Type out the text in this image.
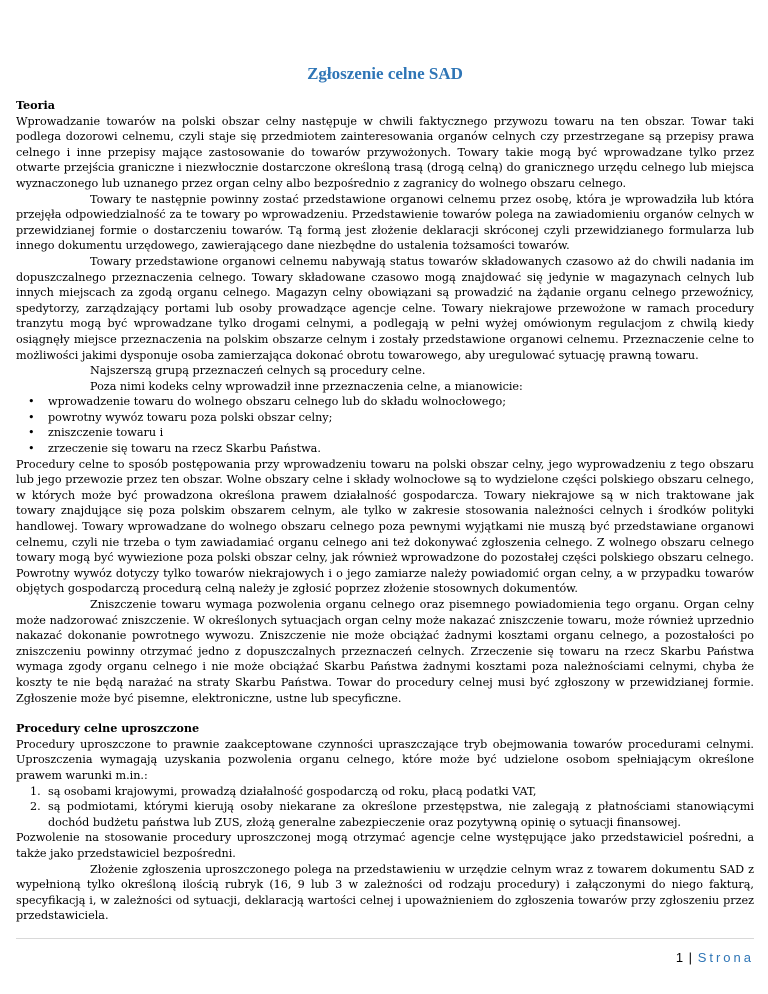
Zgłoszenie celne SAD

Teoria

Wprowadzanie towarów na polski obszar celny następuje w chwili faktycznego przywozu towaru na ten obszar. Towar taki podlega dozorowi celnemu, czyli staje się przedmiotem zainteresowania organów celnych czy przestrzegane są przepisy prawa celnego i inne przepisy mające zastosowanie do towarów przywożonych. Towary takie mogą być wprowadzane tylko przez otwarte przejścia graniczne i niezwłocznie dostarczone określoną trasą (drogą celną) do granicznego urzędu celnego lub miejsca wyznaczonego lub uznanego przez organ celny albo bezpośrednio z zagranicy do wolnego obszaru celnego.

Towary te następnie powinny zostać przedstawione organowi celnemu przez osobę, która je wprowadziła lub która przejęła odpowiedzialność za te towary po wprowadzeniu. Przedstawienie towarów polega na zawiadomieniu organów celnych w przewidzianej formie o dostarczeniu towarów. Tą formą jest złożenie deklaracji skróconej czyli przewidzianego formularza lub innego dokumentu urzędowego, zawierającego dane niezbędne do ustalenia tożsamości towarów.

Towary przedstawione organowi celnemu nabywają status towarów składowanych czasowo aż do chwili nadania im dopuszczalnego przeznaczenia celnego. Towary składowane czasowo mogą znajdować się jedynie w magazynach celnych lub innych miejscach za zgodą organu celnego. Magazyn celny obowiązani są prowadzić na żądanie organu celnego przewoźnicy, spedytorzy, zarządzający portami lub osoby prowadzące agencje celne. Towary niekrajowe przewożone w ramach procedury tranzytu mogą być wprowadzane tylko drogami celnymi, a podlegają w pełni wyżej omówionym regulacjom z chwilą kiedy osiągnęły miejsce przeznaczenia na polskim obszarze celnym i zostały przedstawione organowi celnemu. Przeznaczenie celne to możliwości jakimi dysponuje osoba zamierzająca dokonać obrotu towarowego, aby uregulować sytuację prawną towaru.

Najszerszą grupą przeznaczeń celnych są procedury celne.

Poza nimi kodeks celny wprowadził inne przeznaczenia celne, a mianowicie:

• wprowadzenie towaru do wolnego obszaru celnego lub do składu wolnocłowego;
• powrotny wywóz towaru poza polski obszar celny;
• zniszczenie towaru i
• zrzeczenie się towaru na rzecz Skarbu Państwa.

Procedury celne to sposób postępowania przy wprowadzeniu towaru na polski obszar celny, jego wyprowadzeniu z tego obszaru lub jego przewozie przez ten obszar. Wolne obszary celne i składy wolnocłowe są to wydzielone części polskiego obszaru celnego, w których może być prowadzona określona prawem działalność gospodarcza. Towary niekrajowe są w nich traktowane jak towary znajdujące się poza polskim obszarem celnym, ale tylko w zakresie stosowania należności celnych i środków polityki handlowej. Towary wprowadzane do wolnego obszaru celnego poza pewnymi wyjątkami nie muszą być przedstawiane organowi celnemu, czyli nie trzeba o tym zawiadamiać organu celnego ani też dokonywać zgłoszenia celnego. Z wolnego obszaru celnego towary mogą być wywiezione poza polski obszar celny, jak również wprowadzone do pozostałej części polskiego obszaru celnego. Powrotny wywóz dotyczy tylko towarów niekrajowych i o jego zamiarze należy powiadomić organ celny, a w przypadku towarów objętych gospodarczą procedurą celną należy je zgłosić poprzez złożenie stosownych dokumentów.

Zniszczenie towaru wymaga pozwolenia organu celnego oraz pisemnego powiadomienia tego organu. Organ celny może nadzorować zniszczenie. W określonych sytuacjach organ celny może nakazać zniszczenie towaru, może również uprzednio nakazać dokonanie powrotnego wywozu. Zniszczenie nie może obciążać żadnymi kosztami organu celnego, a pozostałości po zniszczeniu powinny otrzymać jedno z dopuszczalnych przeznaczeń celnych. Zrzeczenie się towaru na rzecz Skarbu Państwa wymaga zgody organu celnego i nie może obciążać Skarbu Państwa żadnymi kosztami poza należnościami celnymi, chyba że koszty te nie będą narażać na straty Skarbu Państwa. Towar do procedury celnej musi być zgłoszony w przewidzianej formie. Zgłoszenie może być pisemne, elektroniczne, ustne lub specyficzne.

Procedury celne uproszczone

Procedury uproszczone to prawnie zaakceptowane czynności upraszczające tryb obejmowania towarów procedurami celnymi. Uproszczenia wymagają uzyskania pozwolenia organu celnego, które może być udzielone osobom spełniającym określone prawem warunki m.in.:

1. są osobami krajowymi, prowadzą działalność gospodarczą od roku, płacą podatki VAT,
2. są podmiotami, którymi kierują osoby niekarane za określone przestępstwa, nie zalegają z płatnościami stanowiącymi dochód budżetu państwa lub ZUS, złożą generalne zabezpieczenie oraz pozytywną opinię o sytuacji finansowej.

Pozwolenie na stosowanie procedury uproszczonej mogą otrzymać agencje celne występujące jako przedstawiciel pośredni, a także jako przedstawiciel bezpośredni.

Złożenie zgłoszenia uproszczonego polega na przedstawieniu w urzędzie celnym wraz z towarem dokumentu SAD z wypełnioną tylko określoną ilością rubryk (16, 9 lub 3 w zależności od rodzaju procedury) i załączonymi do niego fakturą, specyfikacją i, w zależności od sytuacji, deklaracją wartości celnej i upoważnieniem do zgłoszenia towarów przy zgłoszeniu przez przedstawiciela.

1 | Strona
